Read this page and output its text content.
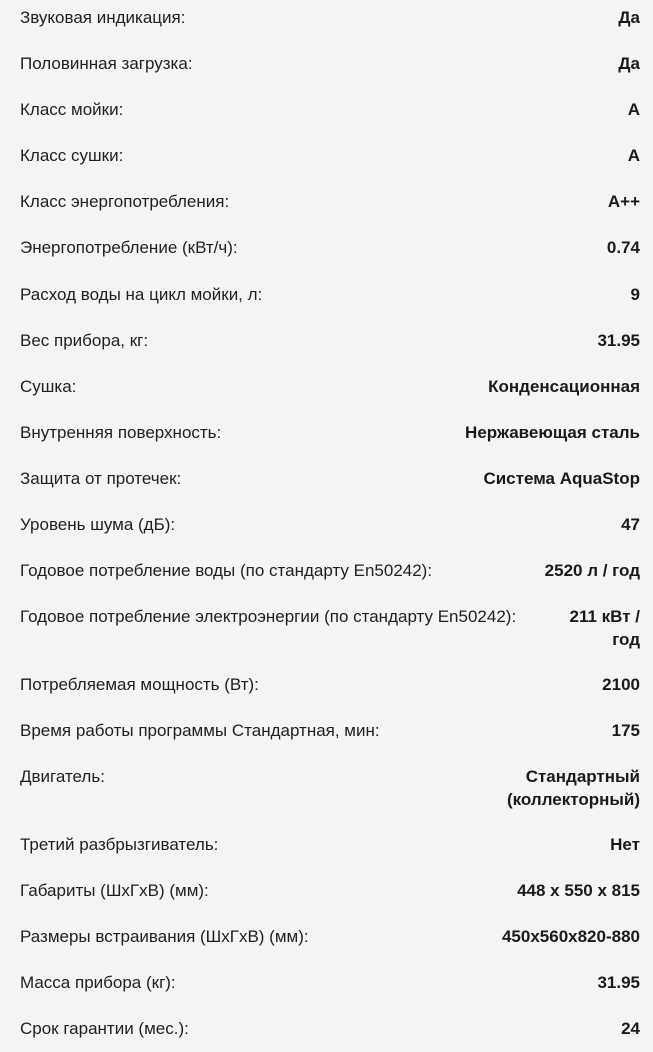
Звуковая индикация:	Да
Половинная загрузка:	Да
Класс мойки:	A
Класс сушки:	A
Класс энергопотребления:	A++
Энергопотребление (кВт/ч):	0.74
Расход воды на цикл мойки, л:	9
Вес прибора, кг:	31.95
Сушка:	Конденсационная
Внутренняя поверхность:	Нержавеющая сталь
Защита от протечек:	Система AquaStop
Уровень шума (дБ):	47
Годовое потребление воды (по стандарту En50242):	2520 л / год
Годовое потребление электроэнергии (по стандарту En50242):	211 кВт / год
Потребляемая мощность (Вт):	2100
Время работы программы Стандартная, мин:	175
Двигатель:	Стандартный (коллекторный)
Третий разбрызгиватель:	Нет
Габариты (ШхГхВ) (мм):	448 x 550 x 815
Размеры встраивания (ШхГхВ) (мм):	450x560x820-880
Масса прибора (кг):	31.95
Срок гарантии (мес.):	24
